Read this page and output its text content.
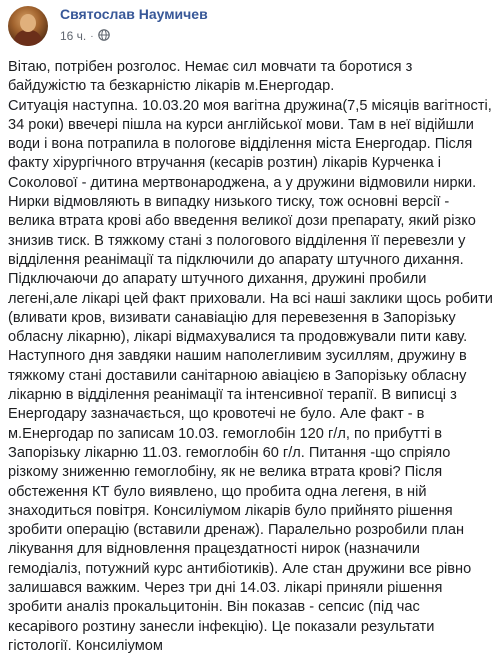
Святослав Наумичев
16 ч. ·

Вітаю, потрібен розголос. Немає сил мовчати та боротися з байдужістю та безкарністю лікарів м.Енергодар.

Ситуація наступна. 10.03.20 моя вагітна дружина(7,5 місяців вагітності, 34 роки) ввечері пішла на курси англійської мови. Там в неї відійшли води і вона потрапила в пологове відділення міста Енергодар. Після факту хірургічного втручання (кесарів розтин) лікарів Курченка і Соколової - дитина мертвонароджена, а у дружини відмовили нирки. Нирки відмовляють в випадку низького тиску, тож основні версії - велика втрата крові або введення великої дози препарату, який різко знизив тиск. В тяжкому стані з пологового відділення її перевезли у відділення реанімації та підключили до апарату штучного дихання. Підключаючи до апарату штучного дихання, дружині пробили легені,але лікарі цей факт приховали. На всі наші заклики щось робити (вливати кров, визивати санавіацію для перевезення в Запорізьку обласну лікарню), лікарі відмахувалися та продовжували пити каву. Наступного дня завдяки нашим наполегливим зусиллям, дружину в тяжкому стані доставили санітарною авіацією в Запорізьку обласну лікарню в відділення реанімації та інтенсивної терапії. В виписці з Енергодару зазначається, що кровотечі не було. Але факт - в м.Енергодар по записам 10.03. гемоглобін 120 г/л, по прибутті в Запорізьку лікарню 11.03. гемоглобін 60 г/л. Питання -що спріяло різкому зниженню гемоглобіну, як не велика втрата крові? Після обстеження КТ було виявлено, що пробита одна легеня, в ній знаходиться повітря. Консиліумом лікарів було прийнято рішення зробити операцію (вставили дренаж). Паралельно розробили план лікування для відновлення працездатності нирок (назначили гемодіаліз, потужний курс антибіотиків). Але стан дружини все рівно залишався важким. Через три дні 14.03. лікарі приняли рішення зробити аналіз прокальцитонін. Він показав - сепсис (під час кесарівого розтину занесли інфекцію). Це показали результати гістології. Консиліумом
